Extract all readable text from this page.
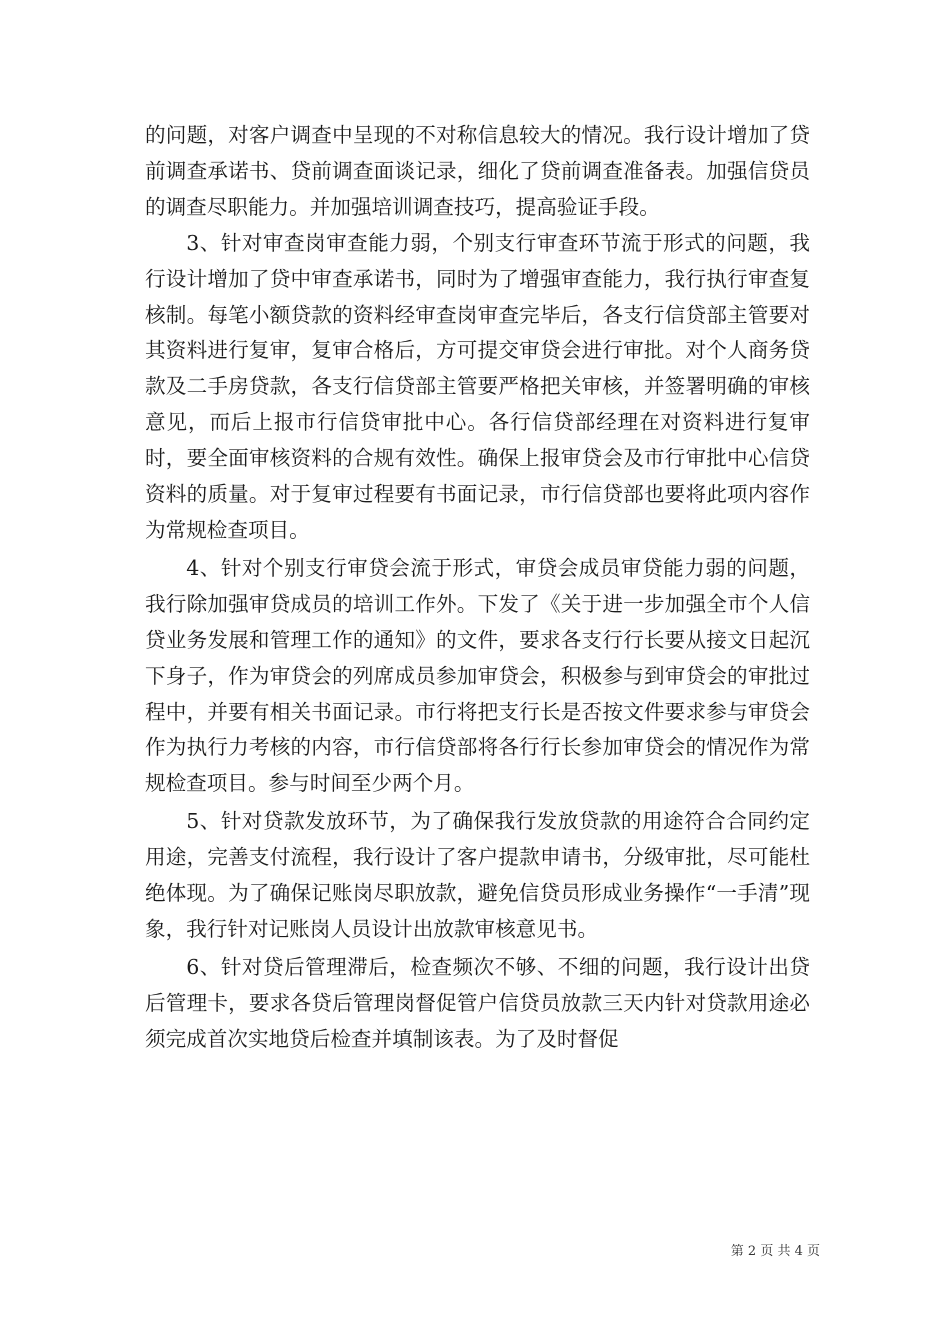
的问题，对客户调查中呈现的不对称信息较大的情况。我行设计增加了贷前调查承诺书、贷前调查面谈记录，细化了贷前调查准备表。加强信贷员的调查尽职能力。并加强培训调查技巧，提高验证手段。

3、针对审查岗审查能力弱，个别支行审查环节流于形式的问题，我行设计增加了贷中审查承诺书，同时为了增强审查能力，我行执行审查复核制。每笔小额贷款的资料经审查岗审查完毕后，各支行信贷部主管要对其资料进行复审，复审合格后，方可提交审贷会进行审批。对个人商务贷款及二手房贷款，各支行信贷部主管要严格把关审核，并签署明确的审核意见，而后上报市行信贷审批中心。各行信贷部经理在对资料进行复审时，要全面审核资料的合规有效性。确保上报审贷会及市行审批中心信贷资料的质量。对于复审过程要有书面记录，市行信贷部也要将此项内容作为常规检查项目。

4、针对个别支行审贷会流于形式，审贷会成员审贷能力弱的问题，我行除加强审贷成员的培训工作外。下发了《关于进一步加强全市个人信贷业务发展和管理工作的通知》的文件，要求各支行行长要从接文日起沉下身子，作为审贷会的列席成员参加审贷会，积极参与到审贷会的审批过程中，并要有相关书面记录。市行将把支行长是否按文件要求参与审贷会作为执行力考核的内容，市行信贷部将各行行长参加审贷会的情况作为常规检查项目。参与时间至少两个月。

5、针对贷款发放环节，为了确保我行发放贷款的用途符合合同约定用途，完善支付流程，我行设计了客户提款申请书，分级审批，尽可能杜绝体现。为了确保记账岗尽职放款，避免信贷员形成业务操作“一手清”现象，我行针对记账岗人员设计出放款审核意见书。

6、针对贷后管理滞后，检查频次不够、不细的问题，我行设计出贷后管理卡，要求各贷后管理岗督促管户信贷员放款三天内针对贷款用途必须完成首次实地贷后检查并填制该表。为了及时督促

第 2 页 共 4 页
